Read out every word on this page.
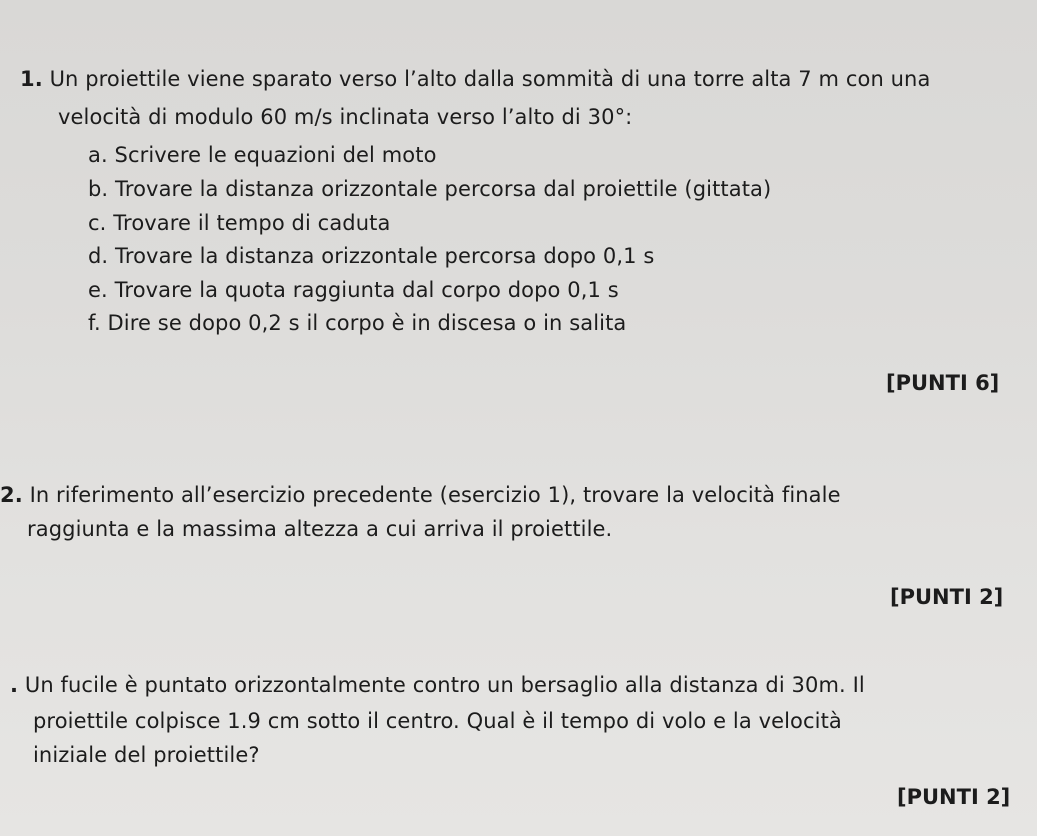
1. Un proiettile viene sparato verso l’alto dalla sommità di una torre alta 7 m con una
velocità di modulo 60 m/s inclinata verso l’alto di 30°:
a. Scrivere le equazioni del moto
b. Trovare la distanza orizzontale percorsa dal proiettile (gittata)
c. Trovare il tempo di caduta
d. Trovare la distanza orizzontale percorsa dopo 0,1 s
e. Trovare la quota raggiunta dal corpo dopo 0,1 s
f. Dire se dopo 0,2 s il corpo è in discesa o in salita
[PUNTI 6]
2. In riferimento all’esercizio precedente (esercizio 1), trovare la velocità finale
raggiunta e la massima altezza a cui arriva il proiettile.
[PUNTI 2]
. Un fucile è puntato orizzontalmente contro un bersaglio alla distanza di 30m. Il
proiettile colpisce 1.9 cm sotto il centro. Qual è il tempo di volo e la velocità
iniziale del proiettile?
[PUNTI 2]
